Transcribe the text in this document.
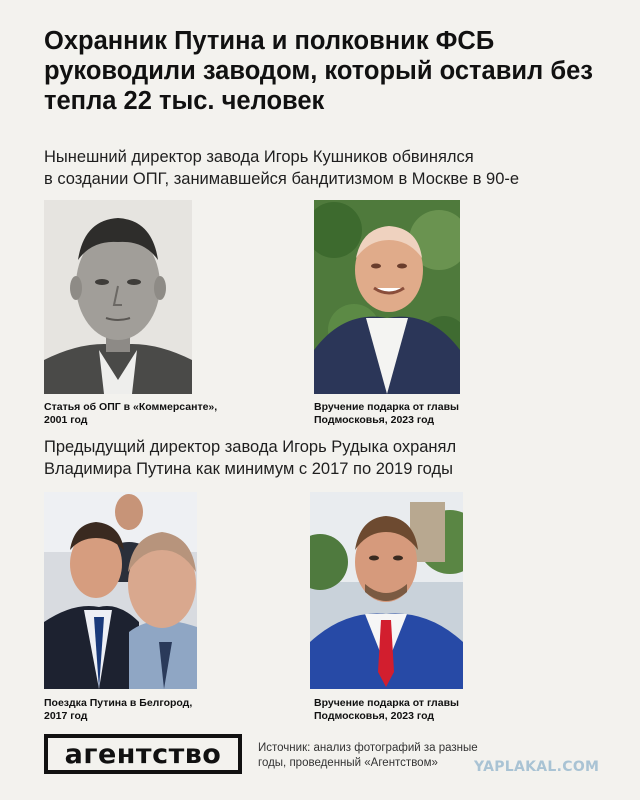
Охранник Путина и полковник ФСБ руководили заводом, который оставил без тепла 22 тыс. человек
Нынешний директор завода Игорь Кушников обвинялся
в создании ОПГ, занимавшейся бандитизмом в Москве в 90-е
Статья об ОПГ в «Коммерсанте»,
2001 год
Вручение подарка от главы
Подмосковья, 2023 год
Предыдущий директор завода Игорь Рудыка охранял
Владимира Путина как минимум с 2017 по 2019 годы
Поездка Путина в Белгород,
2017 год
Вручение подарка от главы
Подмосковья, 2023 год
агентство	Источник: анализ фотографий за разные
годы, проведенный «Агентством»	YAPLAKAL.COM
